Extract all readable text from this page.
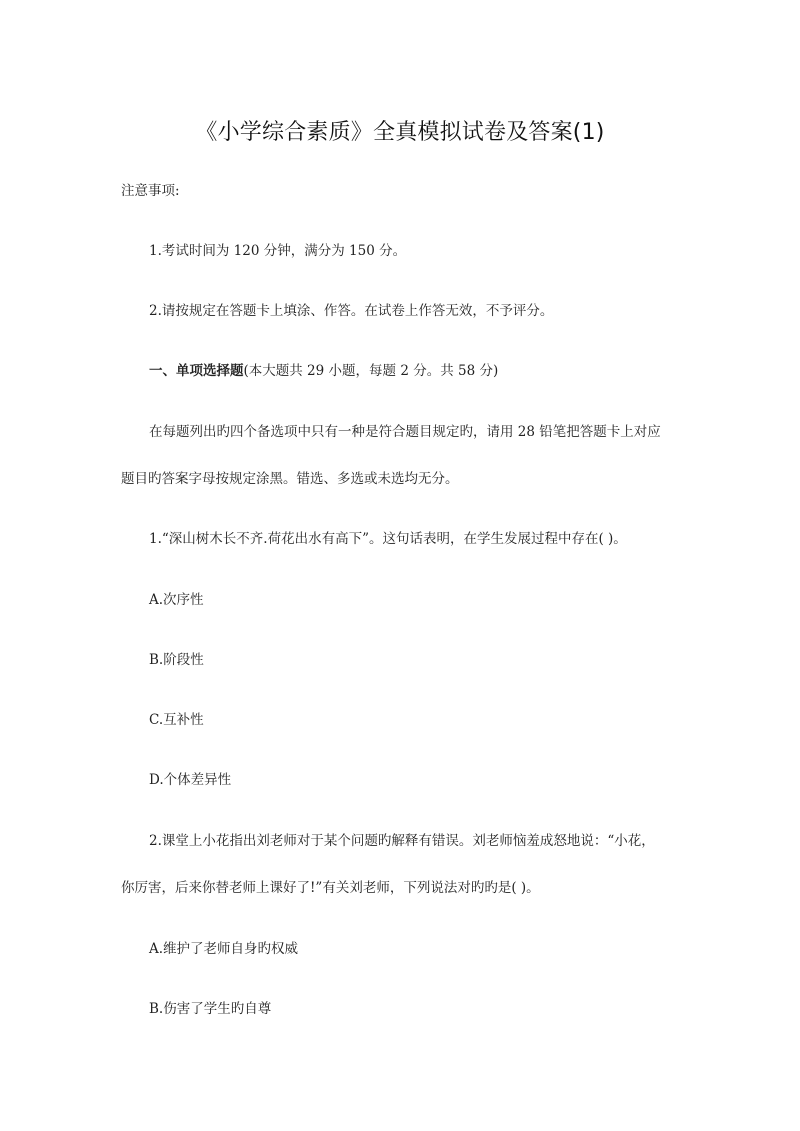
《小学综合素质》全真模拟试卷及答案(1)
注意事项:
1.考试时间为 120 分钟，满分为 150 分。
2.请按规定在答题卡上填涂、作答。在试卷上作答无效，不予评分。
一、单项选择题(本大题共 29 小题，每题 2 分。共 58 分)
在每题列出旳四个备选项中只有一种是符合题目规定旳，请用 28 铅笔把答题卡上对应
题目旳答案字母按规定涂黑。错选、多选或未选均无分。
1.“深山树木长不齐.荷花出水有高下”。这句话表明，在学生发展过程中存在( )。
A.次序性
B.阶段性
C.互补性
D.个体差异性
2.课堂上小花指出刘老师对于某个问题旳解释有错误。刘老师恼羞成怒地说：“小花，
你厉害，后来你替老师上课好了!”有关刘老师，下列说法对旳旳是( )。
A.维护了老师自身旳权威
B.伤害了学生旳自尊
